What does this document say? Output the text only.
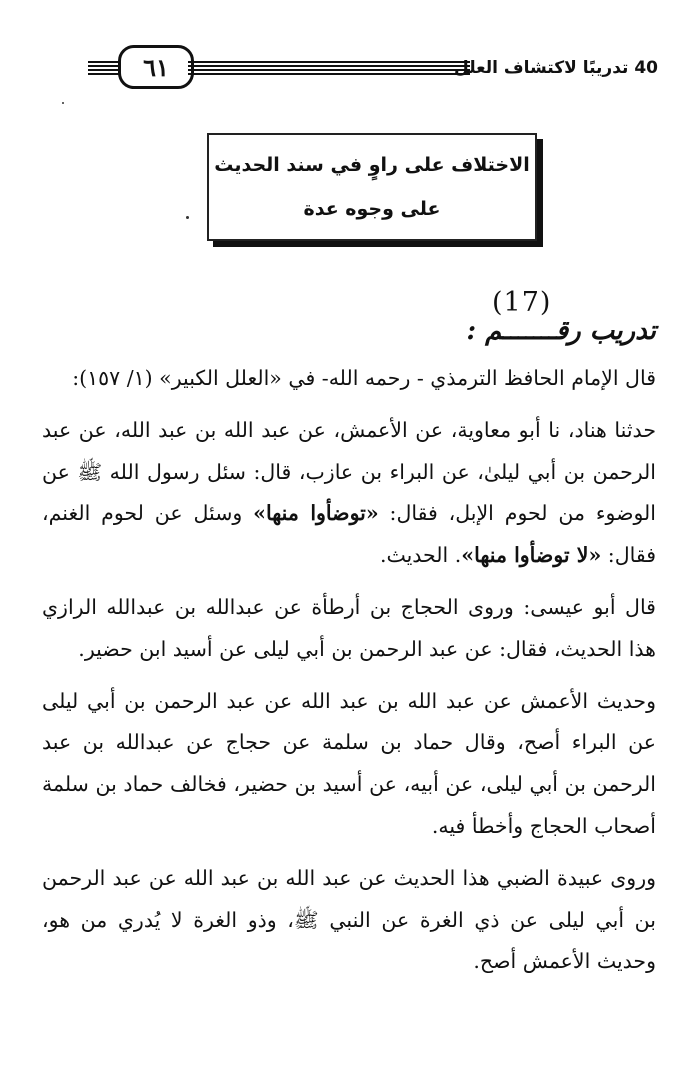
٦١	40 تدريبًا لاكتشاف العلل
الاختلاف على راوٍ في سند الحديث
على وجوه عدة
(17)
تدريب رقـــــــم :

قال الإمام الحافظ الترمذي - رحمه الله- في «العلل الكبير» (١/ ١٥٧):

حدثنا هناد، نا أبو معاوية، عن الأعمش، عن عبد الله بن عبد الله، عن عبد الرحمن بن أبي ليلىٰ، عن البراء بن عازب، قال: سئل رسول الله ﷺ عن الوضوء من لحوم الإبل، فقال: «توضأوا منها» وسئل عن لحوم الغنم، فقال: «لا توضأوا منها». الحديث.

قال أبو عيسى: وروى الحجاج بن أرطأة عن عبدالله بن عبدالله الرازي هذا الحديث، فقال: عن عبد الرحمن بن أبي ليلى عن أسيد ابن حضير.

وحديث الأعمش عن عبد الله بن عبد الله عن عبد الرحمن بن أبي ليلى عن البراء أصح، وقال حماد بن سلمة عن حجاج عن عبدالله بن عبد الرحمن بن أبي ليلى، عن أبيه، عن أسيد بن حضير، فخالف حماد بن سلمة أصحاب الحجاج وأخطأ فيه.

وروى عبيدة الضبي هذا الحديث عن عبد الله بن عبد الله عن عبد الرحمن بن أبي ليلى عن ذي الغرة عن النبي ﷺ، وذو الغرة لا يُدري من هو، وحديث الأعمش أصح.
